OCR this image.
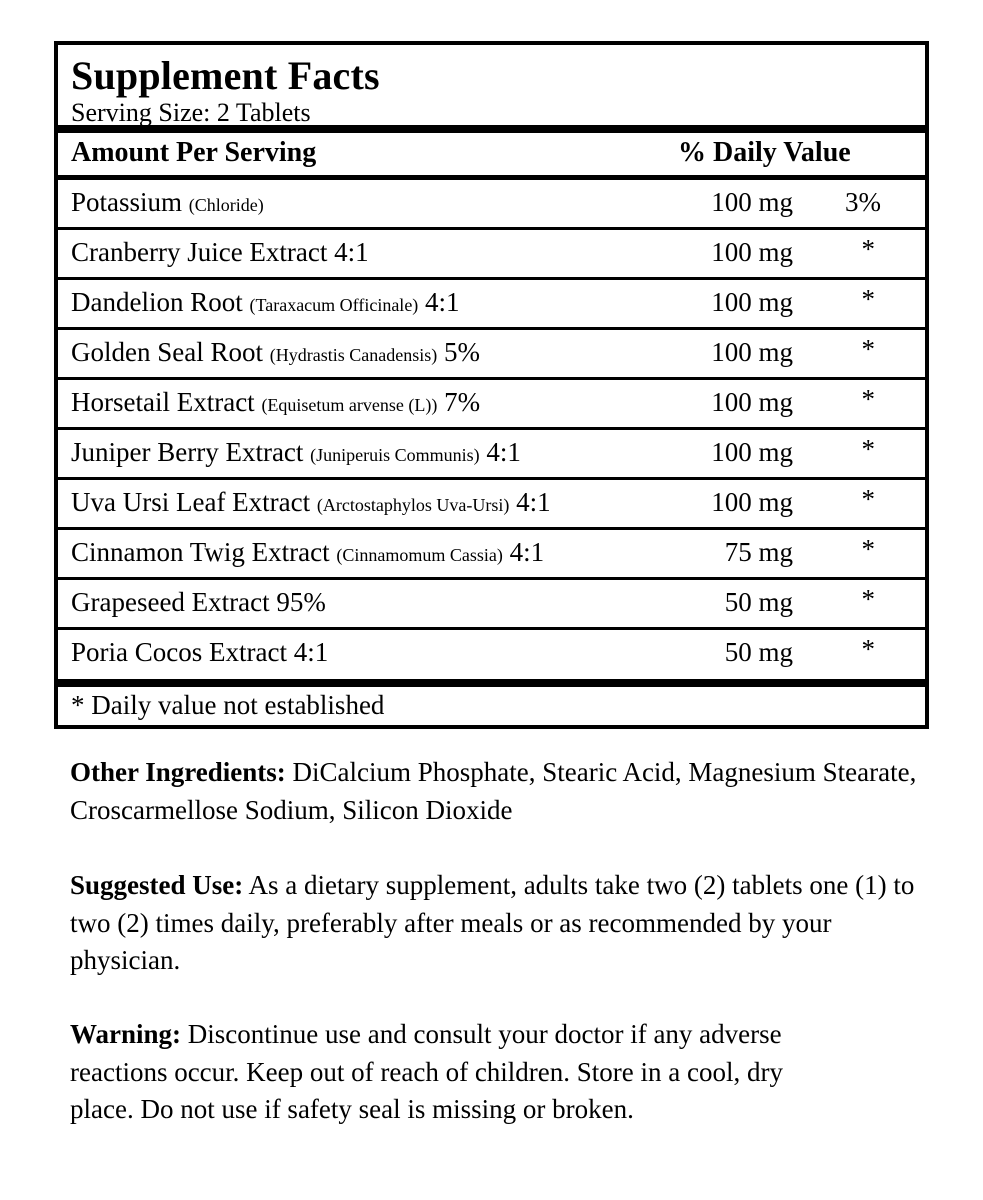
Supplement Facts
Serving Size: 2 Tablets
Amount Per Serving	% Daily Value
Potassium (Chloride)	100 mg 3%
Cranberry Juice Extract 4:1	100 mg	*
Dandelion Root (Taraxacum Officinale) 4:1	100 mg	*
Golden Seal Root (Hydrastis Canadensis) 5%	100 mg	*
Horsetail Extract (Equisetum arvense (L)) 7%	100 mg	*
Juniper Berry Extract (Juniperuis Communis) 4:1	100 mg	*
Uva Ursi Leaf Extract (Arctostaphylos Uva-Ursi) 4:1	100 mg	*
Cinnamon Twig Extract (Cinnamomum Cassia) 4:1	75 mg	*
Grapeseed Extract 95%	50 mg	*
Poria Cocos Extract 4:1	50 mg	*
* Daily value not established
Other Ingredients: DiCalcium Phosphate, Stearic Acid, Magnesium Stearate, Croscarmellose Sodium, Silicon Dioxide
Suggested Use: As a dietary supplement, adults take two (2) tablets one (1) to two (2) times daily, preferably after meals or as recommended by your physician.
Warning: Discontinue use and consult your doctor if any adverse reactions occur. Keep out of reach of children. Store in a cool, dry place. Do not use if safety seal is missing or broken.
